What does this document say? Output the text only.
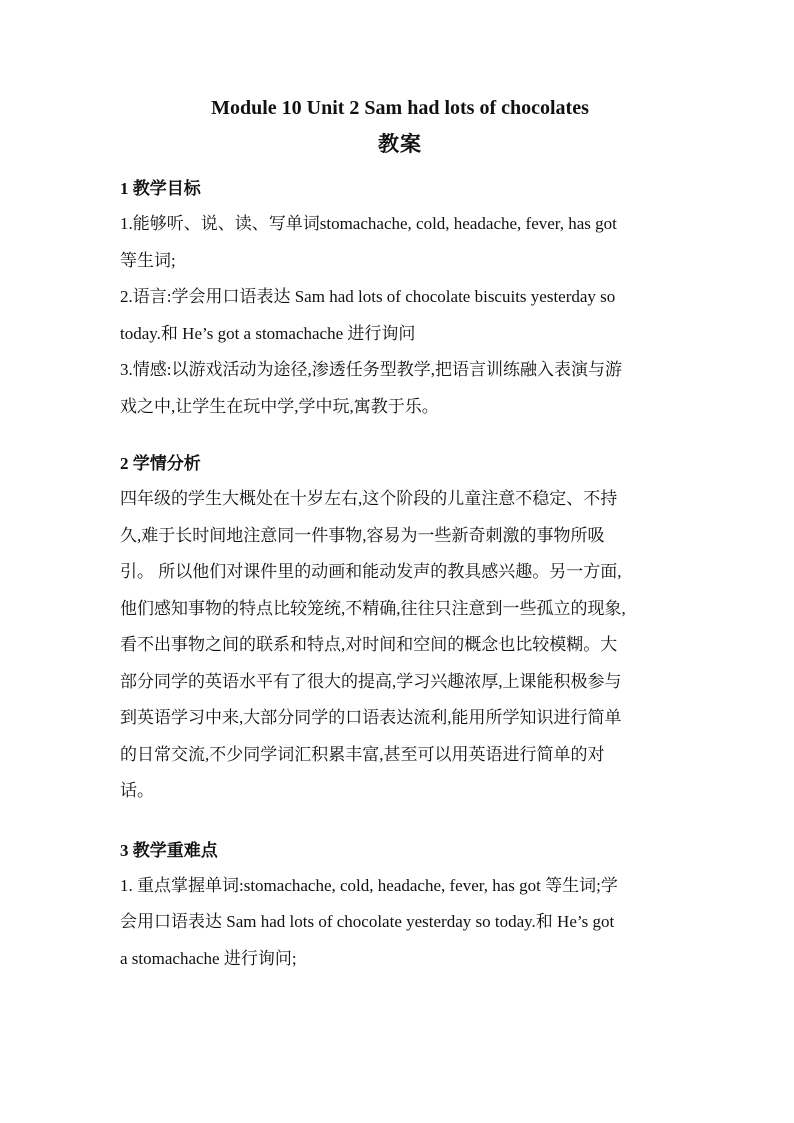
Module 10 Unit 2 Sam had lots of chocolates

教案

1 教学目标

1.能够听、说、读、写单词stomachache, cold, headache, fever, has got

等生词;

2.语言:学会用口语表达 Sam had lots of chocolate biscuits yesterday so

today.和 He’s got a stomachache 进行询问

3.情感:以游戏活动为途径,渗透任务型教学,把语言训练融入表演与游

戏之中,让学生在玩中学,学中玩,寓教于乐。

2 学情分析

四年级的学生大概处在十岁左右,这个阶段的儿童注意不稳定、不持

久,难于长时间地注意同一件事物,容易为一些新奇刺激的事物所吸

引。 所以他们对课件里的动画和能动发声的教具感兴趣。另一方面,

他们感知事物的特点比较笼统,不精确,往往只注意到一些孤立的现象,

看不出事物之间的联系和特点,对时间和空间的概念也比较模糊。大

部分同学的英语水平有了很大的提高,学习兴趣浓厚,上课能积极参与

到英语学习中来,大部分同学的口语表达流利,能用所学知识进行简单

的日常交流,不少同学词汇积累丰富,甚至可以用英语进行简单的对

话。

3 教学重难点

1. 重点掌握单词:stomachache, cold, headache, fever, has got 等生词;学

会用口语表达 Sam had lots of chocolate yesterday so today.和 He’s got

a stomachache 进行询问;
